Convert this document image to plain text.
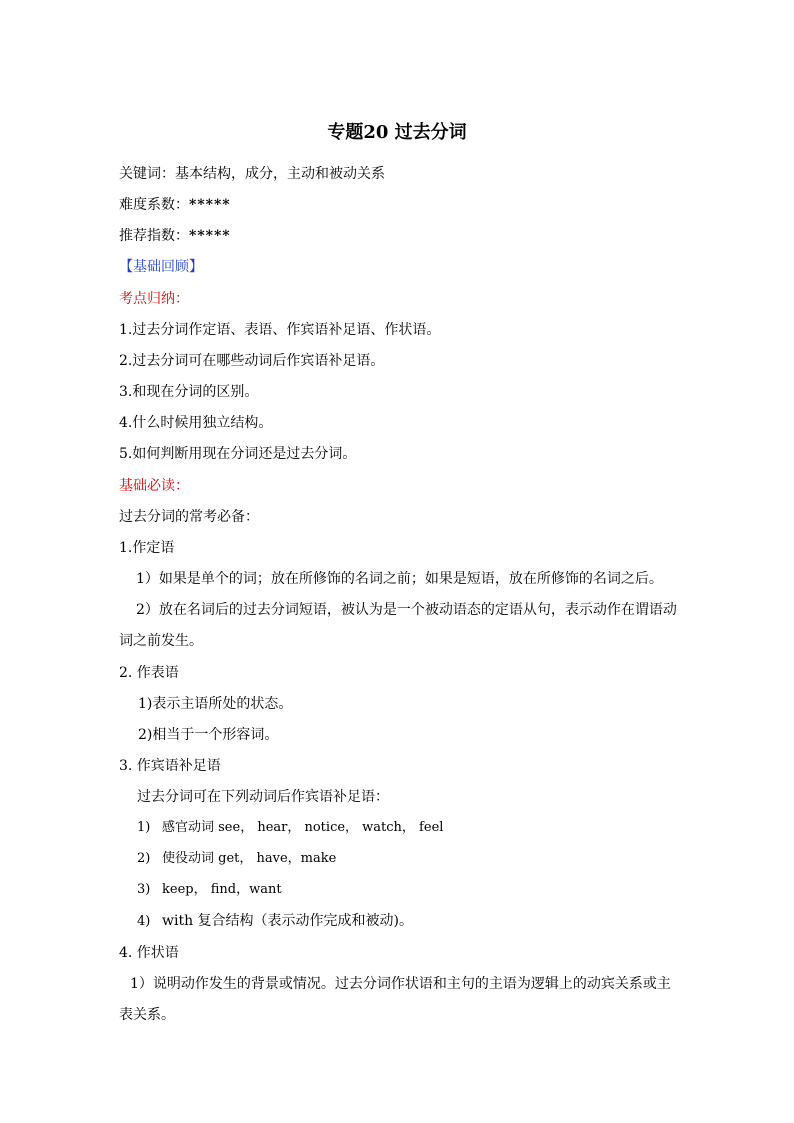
专题20 过去分词
关键词：基本结构，成分，主动和被动关系
难度系数：*****
推荐指数：*****
【基础回顾】
考点归纳：
1.过去分词作定语、表语、作宾语补足语、作状语。
2.过去分词可在哪些动词后作宾语补足语。
3.和现在分词的区别。
4.什么时候用独立结构。
5.如何判断用现在分词还是过去分词。
基础必读：
过去分词的常考必备：
1.作定语
1）如果是单个的词；放在所修饰的名词之前；如果是短语，放在所修饰的名词之后。
2）放在名词后的过去分词短语，被认为是一个被动语态的定语从句，表示动作在谓语动
词之前发生。
2. 作表语
1)表示主语所处的状态。
2)相当于一个形容词。
3. 作宾语补足语
过去分词可在下列动词后作宾语补足语：
1) 感官动词 see， hear， notice， watch， feel
2) 使役动词 get， have，make
3) keep， find，want
4) with 复合结构（表示动作完成和被动)。
4. 作状语
1）说明动作发生的背景或情况。过去分词作状语和主句的主语为逻辑上的动宾关系或主
表关系。
